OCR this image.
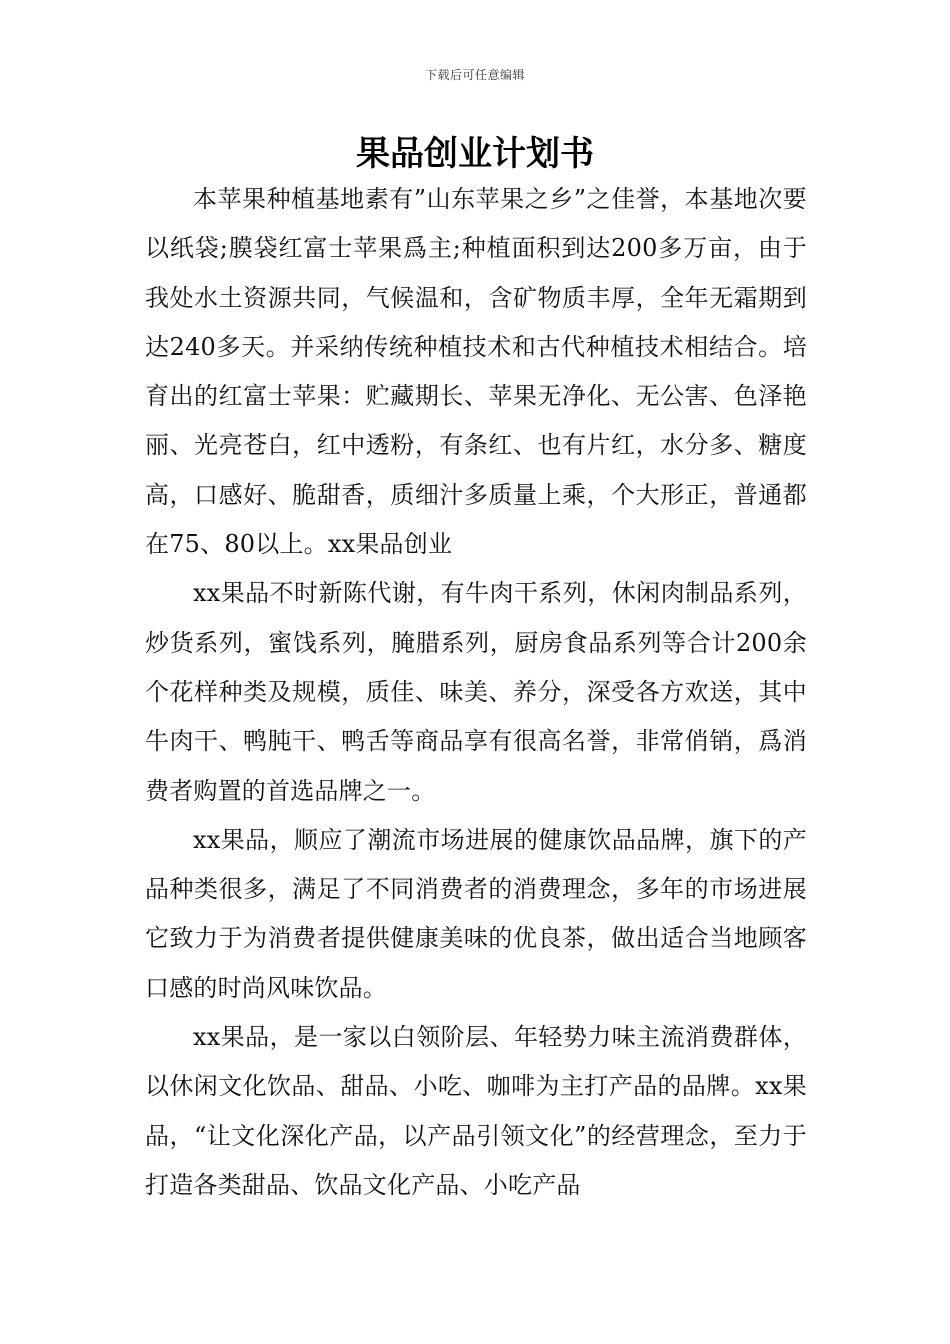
下载后可任意编辑
果品创业计划书

本苹果种植基地素有”山东苹果之乡”之佳誉，本基地次要以纸袋;膜袋红富士苹果爲主;种植面积到达200多万亩，由于我处水土资源共同，气候温和，含矿物质丰厚，全年无霜期到达240多天。并采纳传统种植技术和古代种植技术相结合。培育出的红富士苹果：贮藏期长、苹果无净化、无公害、色泽艳丽、光亮苍白，红中透粉，有条红、也有片红，水分多、糖度高，口感好、脆甜香，质细汁多质量上乘，个大形正，普通都在75、80以上。xx果品创业

xx果品不时新陈代谢，有牛肉干系列，休闲肉制品系列，炒货系列，蜜饯系列，腌腊系列，厨房食品系列等合计200余个花样种类及规模，质佳、味美、养分，深受各方欢送，其中牛肉干、鸭肫干、鸭舌等商品享有很高名誉，非常俏销，爲消费者购置的首选品牌之一。

xx果品，顺应了潮流市场进展的健康饮品品牌，旗下的产品种类很多，满足了不同消费者的消费理念，多年的市场进展它致力于为消费者提供健康美味的优良茶，做出适合当地顾客口感的时尚风味饮品。

xx果品，是一家以白领阶层、年轻势力味主流消费群体，以休闲文化饮品、甜品、小吃、咖啡为主打产品的品牌。xx果品，“让文化深化产品，以产品引领文化”的经营理念，至力于打造各类甜品、饮品文化产品、小吃产品
